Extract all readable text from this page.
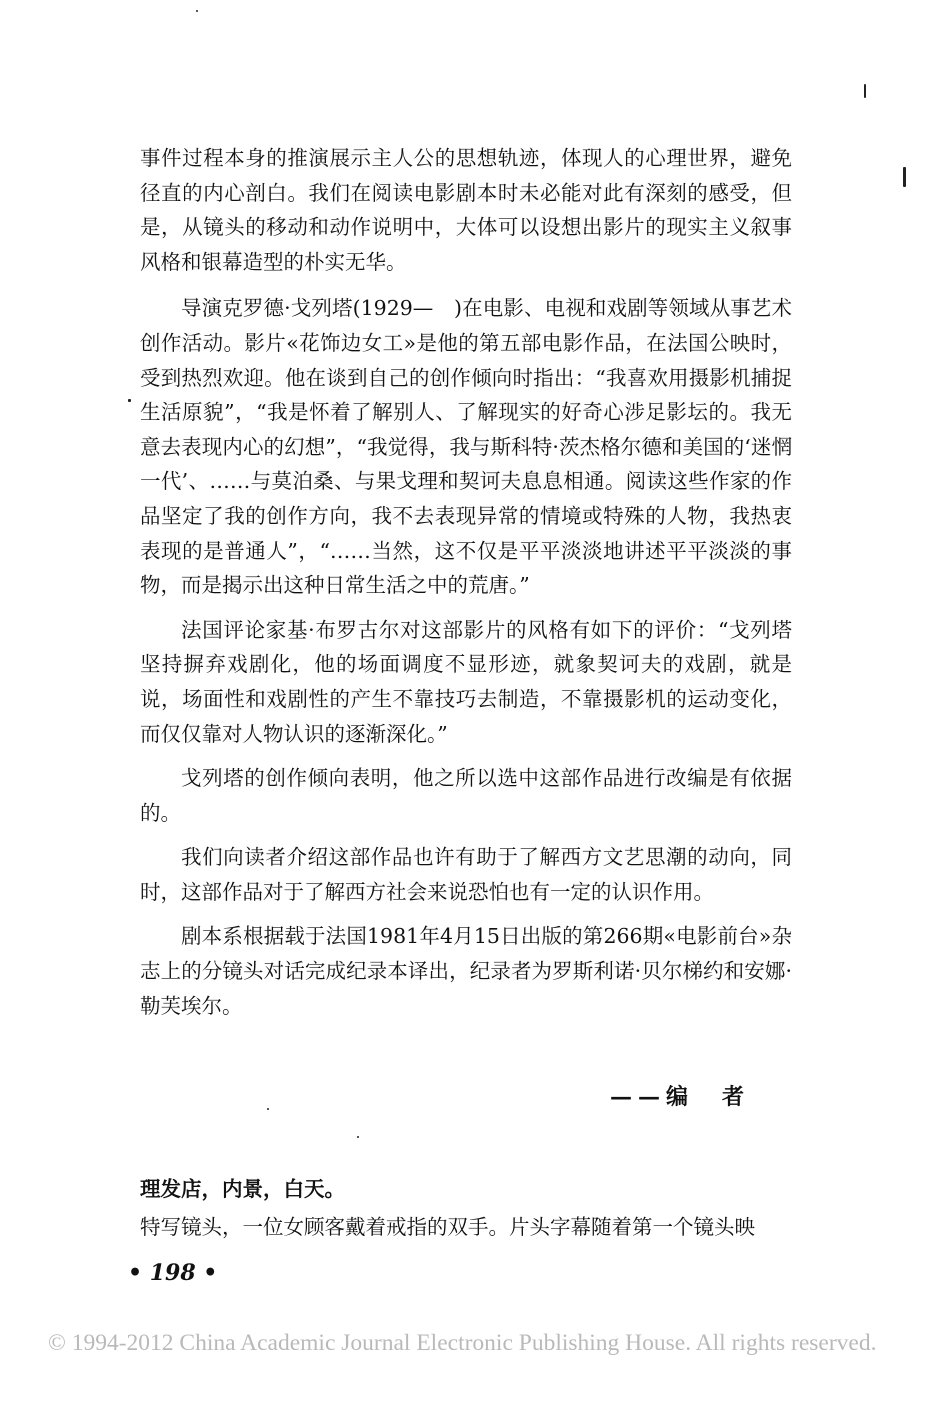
事件过程本身的推演展示主人公的思想轨迹，体现人的心理世界，避免径直的内心剖白。我们在阅读电影剧本时未必能对此有深刻的感受，但是，从镜头的移动和动作说明中，大体可以设想出影片的现实主义叙事风格和银幕造型的朴实无华。

导演克罗德·戈列塔(1929—　)在电影、电视和戏剧等领域从事艺术创作活动。影片«花饰边女工»是他的第五部电影作品，在法国公映时，受到热烈欢迎。他在谈到自己的创作倾向时指出：“我喜欢用摄影机捕捉生活原貌”，“我是怀着了解别人、了解现实的好奇心涉足影坛的。我无意去表现内心的幻想”，“我觉得，我与斯科特·茨杰格尔德和美国的‘迷惘一代’、……与莫泊桑、与果戈理和契诃夫息息相通。阅读这些作家的作品坚定了我的创作方向，我不去表现异常的情境或特殊的人物，我热衷表现的是普通人”，“……当然，这不仅是平平淡淡地讲述平平淡淡的事物，而是揭示出这种日常生活之中的荒唐。”

法国评论家基·布罗古尔对这部影片的风格有如下的评价：“戈列塔坚持摒弃戏剧化，他的场面调度不显形迹，就象契诃夫的戏剧，就是说，场面性和戏剧性的产生不靠技巧去制造，不靠摄影机的运动变化，而仅仅靠对人物认识的逐渐深化。”

戈列塔的创作倾向表明，他之所以选中这部作品进行改编是有依据的。

我们向读者介绍这部作品也许有助于了解西方文艺思潮的动向，同时，这部作品对于了解西方社会来说恐怕也有一定的认识作用。

剧本系根据载于法国1981年4月15日出版的第266期«电影前台»杂志上的分镜头对话完成纪录本译出，纪录者为罗斯利诺·贝尔梯约和安娜·勒芙埃尔。

——编　者
理发店，内景，白天。
特写镜头，一位女顾客戴着戒指的双手。片头字幕随着第一个镜头映
• 198 •
© 1994-2012 China Academic Journal Electronic Publishing House. All rights reserved.
